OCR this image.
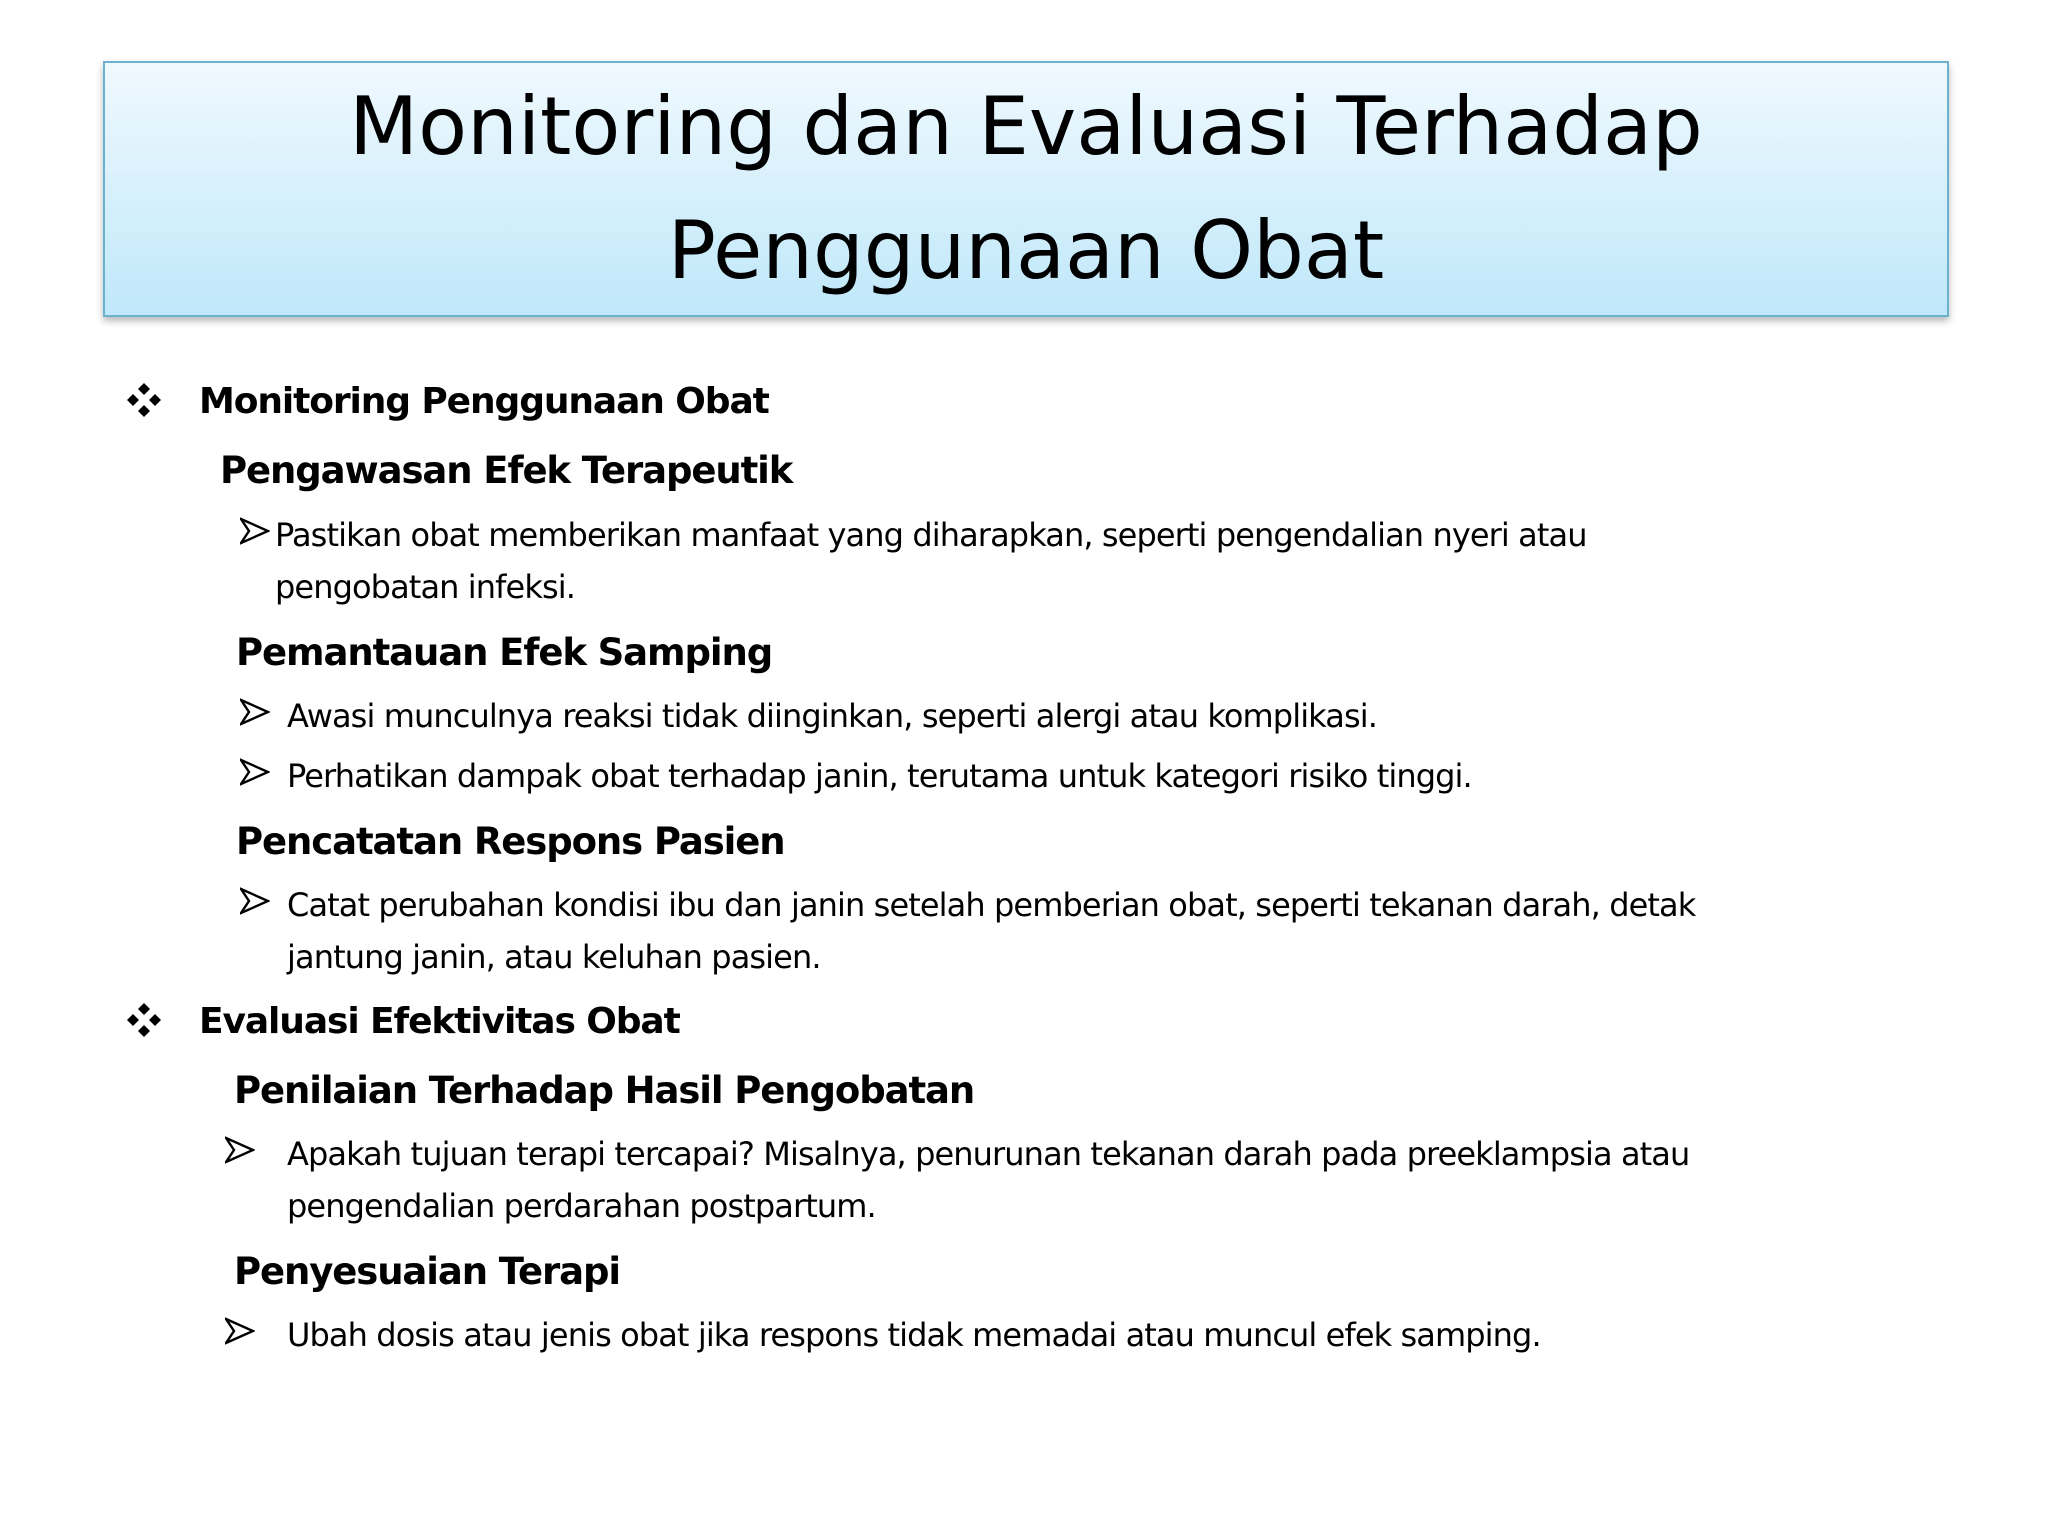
Monitoring dan Evaluasi Terhadap
Penggunaan Obat
Monitoring Penggunaan Obat
Pengawasan Efek Terapeutik
Pastikan obat memberikan manfaat yang diharapkan, seperti pengendalian nyeri atau
pengobatan infeksi.
Pemantauan Efek Samping
Awasi munculnya reaksi tidak diinginkan, seperti alergi atau komplikasi.
Perhatikan dampak obat terhadap janin, terutama untuk kategori risiko tinggi.
Pencatatan Respons Pasien
Catat perubahan kondisi ibu dan janin setelah pemberian obat, seperti tekanan darah, detak
jantung janin, atau keluhan pasien.
Evaluasi Efektivitas Obat
Penilaian Terhadap Hasil Pengobatan
Apakah tujuan terapi tercapai? Misalnya, penurunan tekanan darah pada preeklampsia atau
pengendalian perdarahan postpartum.
Penyesuaian Terapi
Ubah dosis atau jenis obat jika respons tidak memadai atau muncul efek samping.
